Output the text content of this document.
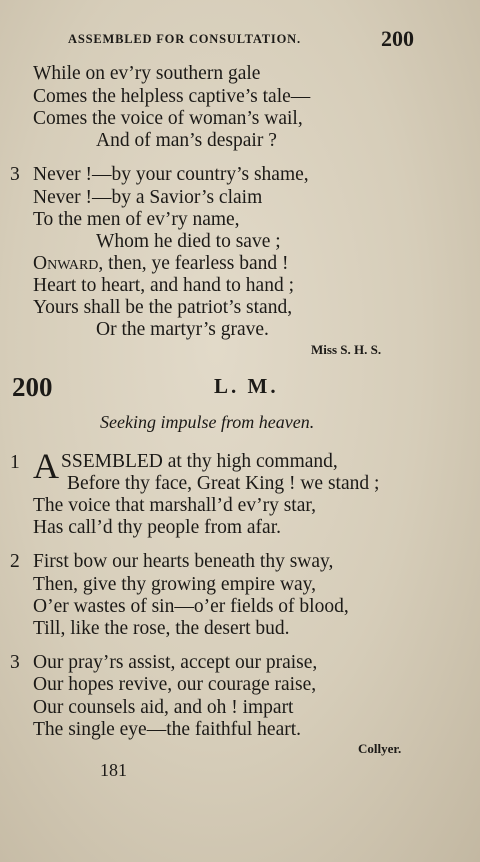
ASSEMBLED FOR CONSULTATION.	200
While on ev’ry southern gale
Comes the helpless captive’s tale—
Comes the voice of woman’s wail,
And of man’s despair ?
3 Never !—by your country’s shame,
Never !—by a Savior’s claim
To the men of ev’ry name,
Whom he died to save ;
Onward, then, ye fearless band !
Heart to heart, and hand to hand ;
Yours shall be the patriot’s stand,
Or the martyr’s grave.
Miss S. H. S.
200	L. M.
Seeking impulse from heaven.
1 A SSEMBLED at thy high command,
Before thy face, Great King ! we stand ;
The voice that marshall’d ev’ry star,
Has call’d thy people from afar.
2 First bow our hearts beneath thy sway,
Then, give thy growing empire way,
O’er wastes of sin—o’er fields of blood,
Till, like the rose, the desert bud.
3 Our pray’rs assist, accept our praise,
Our hopes revive, our courage raise,
Our counsels aid, and oh ! impart
The single eye—the faithful heart.
Collyer.
181
